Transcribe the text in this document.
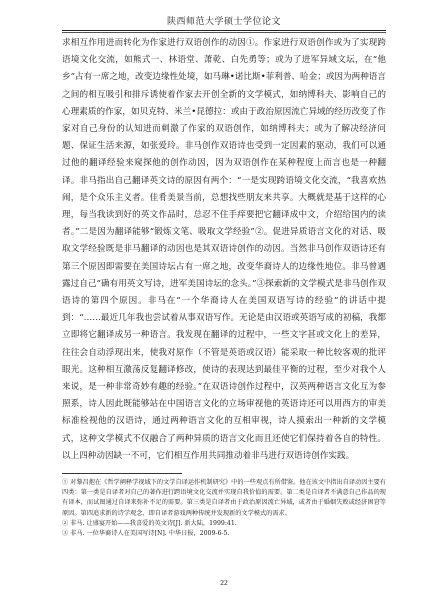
陕西师范大学硕士学位论文

求相互作用进而转化为作家进行双语创作的动因①。作家进行双语创作或为了实现跨语境文化交流，如熊式一、林语堂、萧乾、白先勇等；或为了进军异域文坛，在“他乡”占有一席之地，改变边缘性处境，如马琳•诺比斯•菲利普、哈金；或因为两种语言之间的相互吸引和排斥诱使着作家去开创全新的文学模式，如纳博科夫、影响自己的心理素质的作家，如贝克特、米兰•昆德拉：或由于政治原因流亡异域的经历改变了作家对自己身份的认知进而刺激了作家的双语创作，如纳博科夫；或为了解决经济问题、保证生活来源，如张爱玲。非马创作双语诗也受到一定因素的驱动，我们可以通过他的翻译经验来窥探他的创作动因，因为双语创作在某种程度上而言也是一种翻译。非马指出自己翻译英文诗的原因有两个：“一是实现跨语境文化交流，“我喜欢热闹，是个众乐主义者。佳肴美景当前，总想找些朋友来共享。大概就是基于这样的心理，每当我读到好的英文作品时，总忍不住手痒要把它翻译成中文，介绍给国内的读者。”二是因为翻译能够“锻炼文笔、吸取文学经验”②。促进异质语言文化的对话、吸取文学经验既是非马翻译的动因也是其双语诗创作的动因。当然非马创作双语诗还有第三个原因即需要在美国诗坛占有一席之地，改变华裔诗人的边缘性地位。非马曾遇露过自己“确有用英文写诗，进军美国诗坛的念头。”③探索新的文学模式是非马创作双语诗的第四个原因。非马在“一个华裔诗人在美国双语写诗的经验”的讲话中提到：“……最近几年我也尝试着从事双语写作。无论是由汉语或英语写成的初稿，我都立即将它翻译成另一种语言。我发现在翻译的过程中，一些文字甚或文化上的差异，往往会自动浮现出来，使我对原作（不管是英语或汉语）能采取一种比较客观的批评眼光。这种相互激荡反复翻译修改，使诗的表现达到最佳平衡的过程，至少对我个人来说，是一种非常奇妙有趣的经验。”在双语诗创作过程中，汉英两种语言文化互为参照系，诗人因此既能够站在中国语言文化的立场审视他的英语诗还可以用西方的审美标准检视他的汉语诗，通过两种语言文化的互相审视，诗人摸索出一种新的文学模式，这种文学模式不仅融合了两种异质的语言文化而且还使它们保持着各自的特性。以上四种动因缺一不可，它们相互作用共同推动着非马进行双语诗创作实践。

① 对黎昌抱在《哲学阐释学视域下的文学自译运作机制研究》中的一些观点有所借鉴。他在该文中指出自译动因主要有四类：第一类是自译者对自己的著作进行跨语境文化交流并实现自我价值的需要。第二类是自译者不满意自己作品的现有译本，而试图通过自译来弥补不足的需要。第三类是自译者由于政治原因流亡异域，或者由于婚姻失败或经济困窘等原因。第四追求新的诗学观念、即自译者游戏两种传统并发现新的文学模式的需求。

② 非马. 让盛宴开始——我喜爱的英文诗[J]. 新大陆，1999:41.

③ 非马. 一位华裔诗人在美国写诗[N]. 中华日报，2009-6-5.

22
